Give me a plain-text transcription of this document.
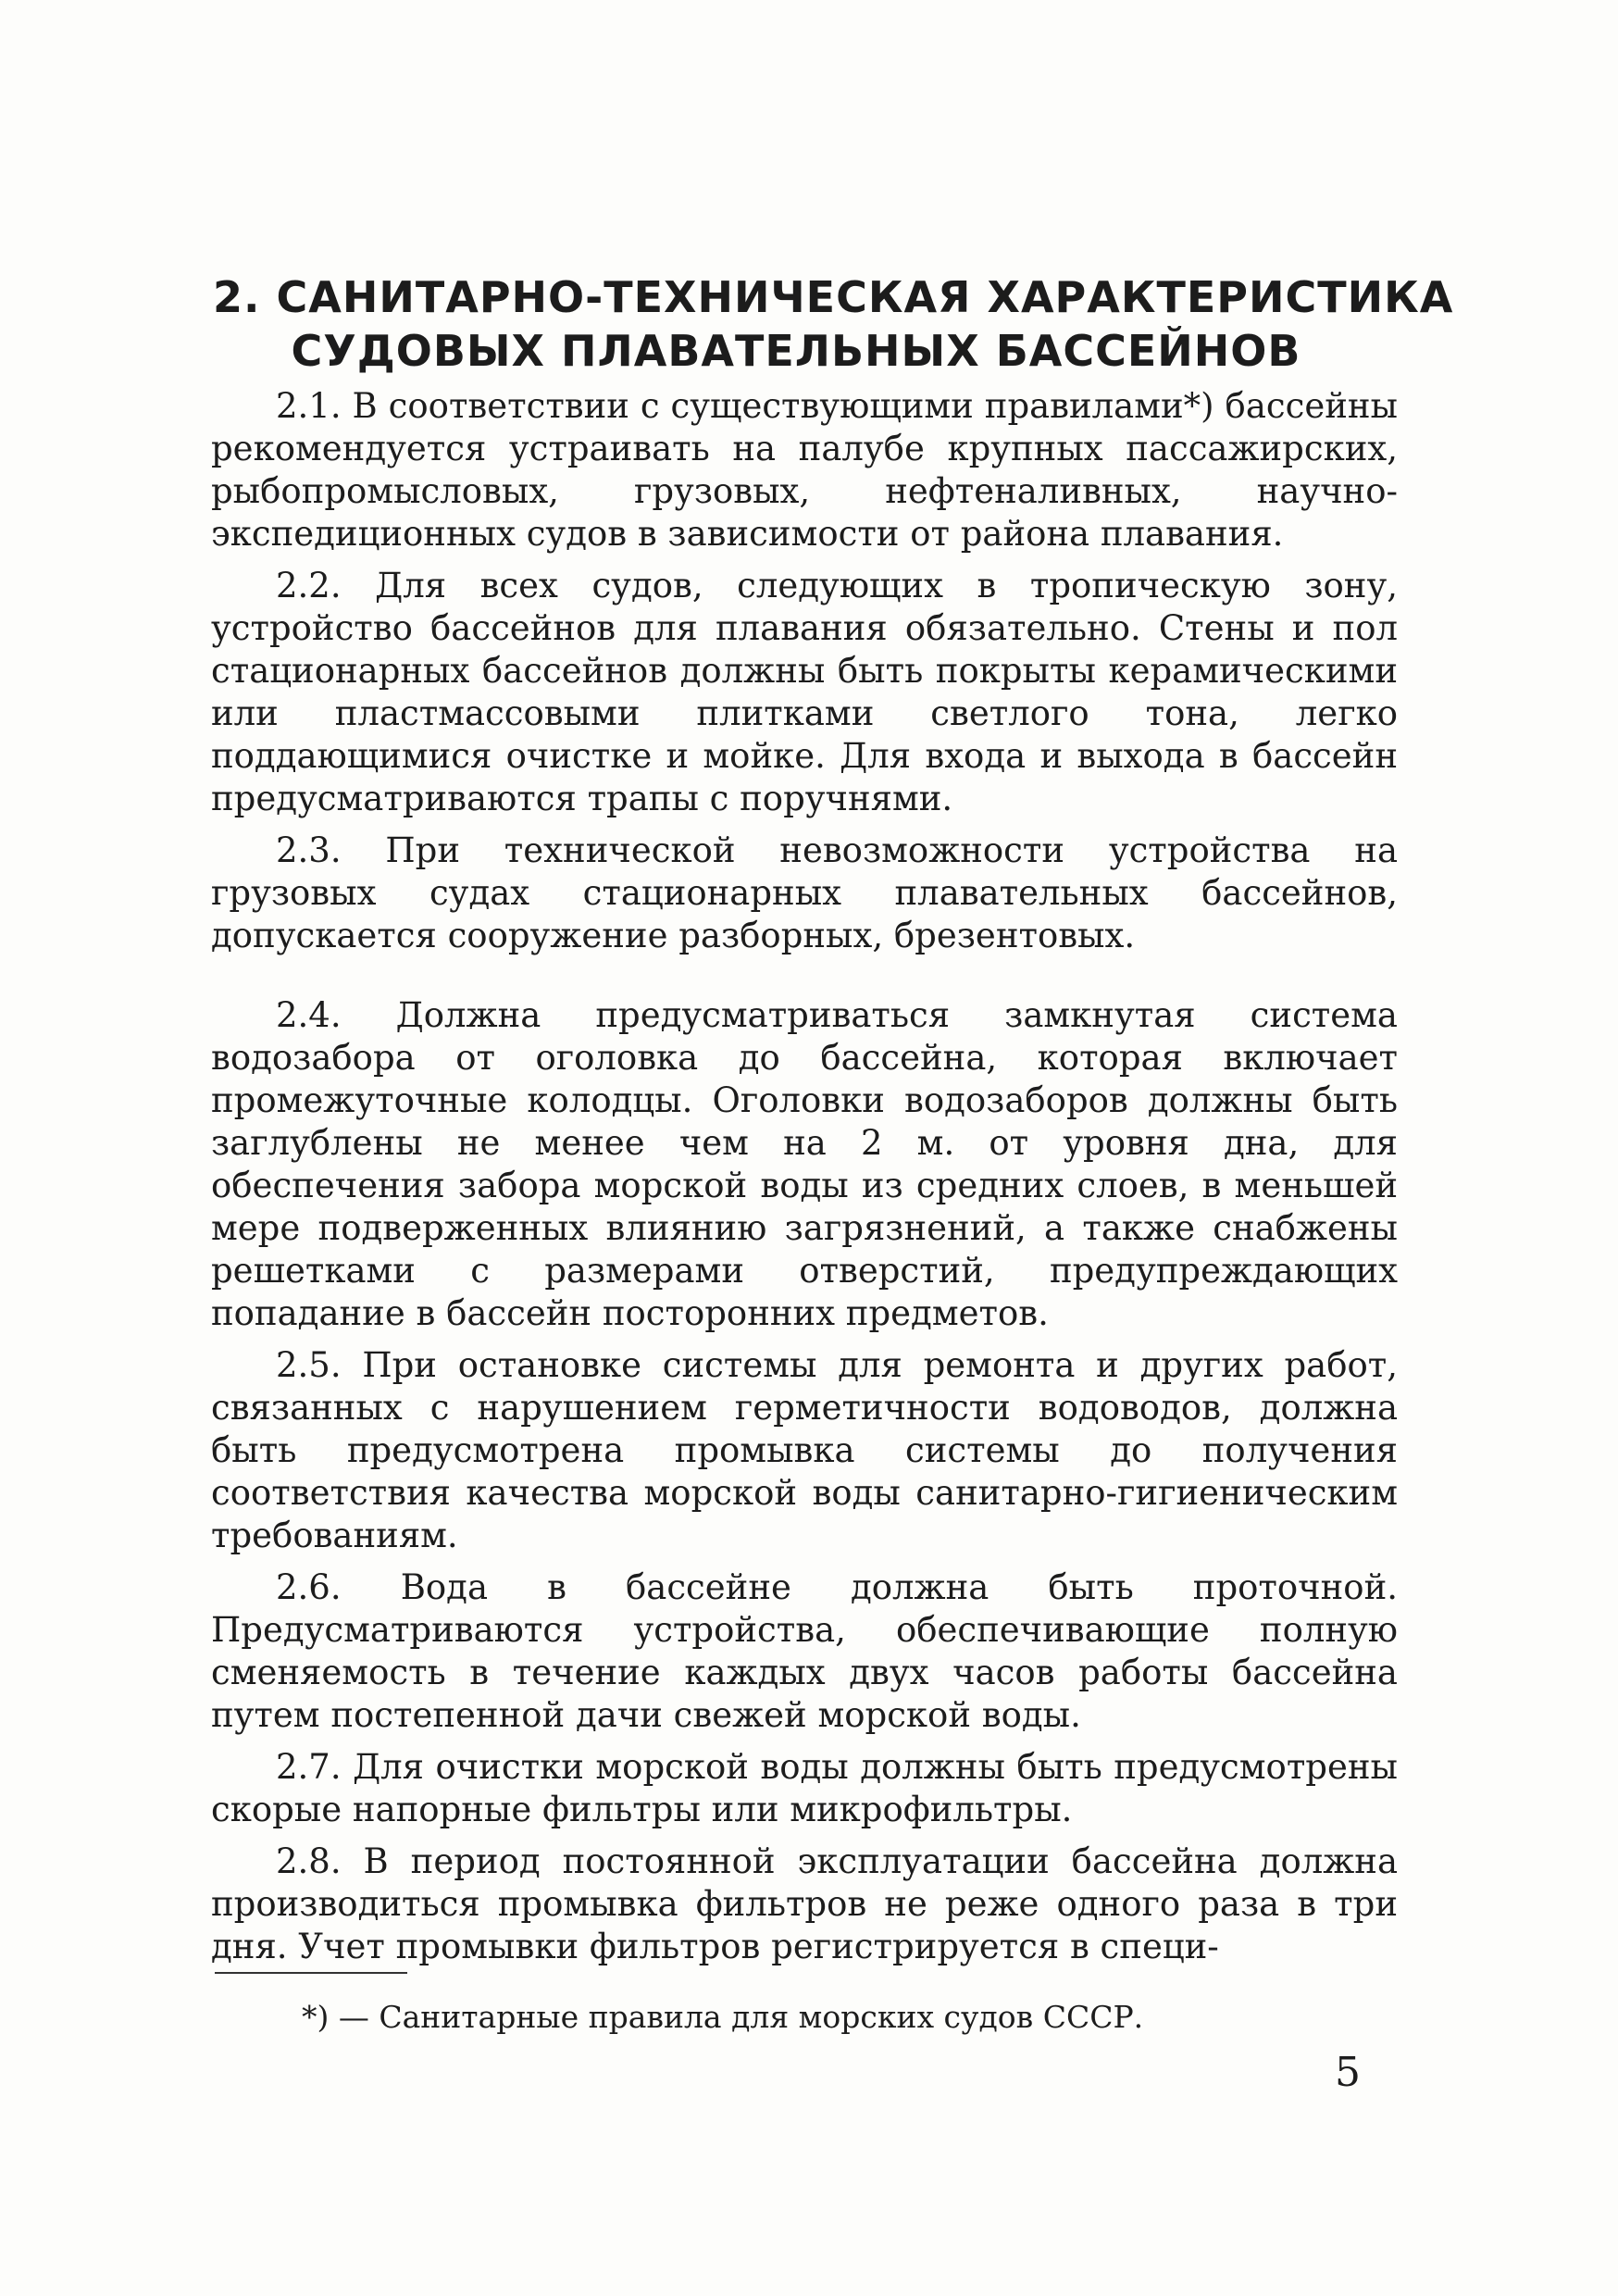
2. САНИТАРНО-ТЕХНИЧЕСКАЯ ХАРАКТЕРИСТИКА
СУДОВЫХ ПЛАВАТЕЛЬНЫХ БАССЕЙНОВ

2.1. В соответствии с существующими правилами*) бассейны рекомендуется устраивать на палубе крупных пассажирских, рыбопромысловых, грузовых, нефтеналивных, научно-экспедиционных судов в зависимости от района плавания.

2.2. Для всех судов, следующих в тропическую зону, устройство бассейнов для плавания обязательно. Стены и пол стационарных бассейнов должны быть покрыты керамическими или пластмассовыми плитками светлого тона, легко поддающимися очистке и мойке. Для входа и выхода в бассейн предусматриваются трапы с поручнями.

2.3. При технической невозможности устройства на грузовых судах стационарных плавательных бассейнов, допускается сооружение разборных, брезентовых.

2.4. Должна предусматриваться замкнутая система водозабора от оголовка до бассейна, которая включает промежуточные колодцы. Оголовки водозаборов должны быть заглублены не менее чем на 2 м. от уровня дна, для обеспечения забора морской воды из средних слоев, в меньшей мере подверженных влиянию загрязнений, а также снабжены решетками с размерами отверстий, предупреждающих попадание в бассейн посторонних предметов.

2.5. При остановке системы для ремонта и других работ, связанных с нарушением герметичности водоводов, должна быть предусмотрена промывка системы до получения соответствия качества морской воды санитарно-гигиеническим требованиям.

2.6. Вода в бассейне должна быть проточной. Предусматриваются устройства, обеспечивающие полную сменяемость в течение каждых двух часов работы бассейна путем постепенной дачи свежей морской воды.

2.7. Для очистки морской воды должны быть предусмотрены скорые напорные фильтры или микрофильтры.

2.8. В период постоянной эксплуатации бассейна должна производиться промывка фильтров не реже одного раза в три дня. Учет промывки фильтров регистрируется в специ-

*) — Санитарные правила для морских судов СССР.
5
